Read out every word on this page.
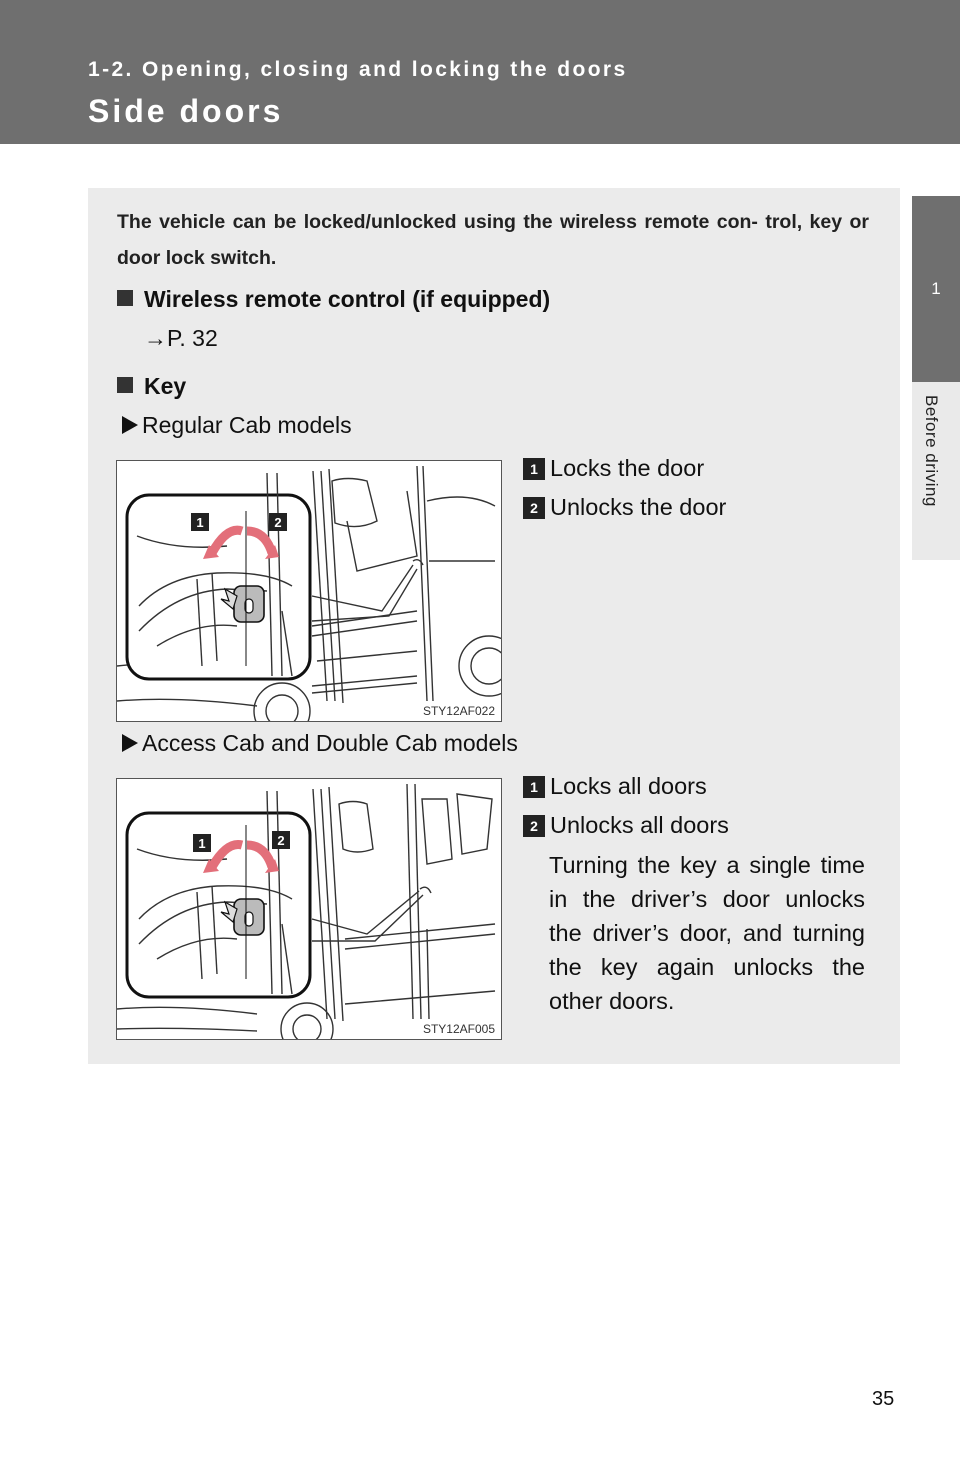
1-2. Opening, closing and locking the doors
Side doors
1
Before driving
The vehicle can be locked/unlocked using the wireless remote con- trol, key or door lock switch.
Wireless remote control (if equipped)
→P. 32
Key
Regular Cab models
1	2
STY12AF022
1 Locks the door
2 Unlocks the door
Access Cab and Double Cab models
1	2
STY12AF005
1 Locks all doors
2 Unlocks all doors
Turning the key a single time in the driver’s door unlocks the driver’s door, and turning the key again unlocks the other doors.
35
